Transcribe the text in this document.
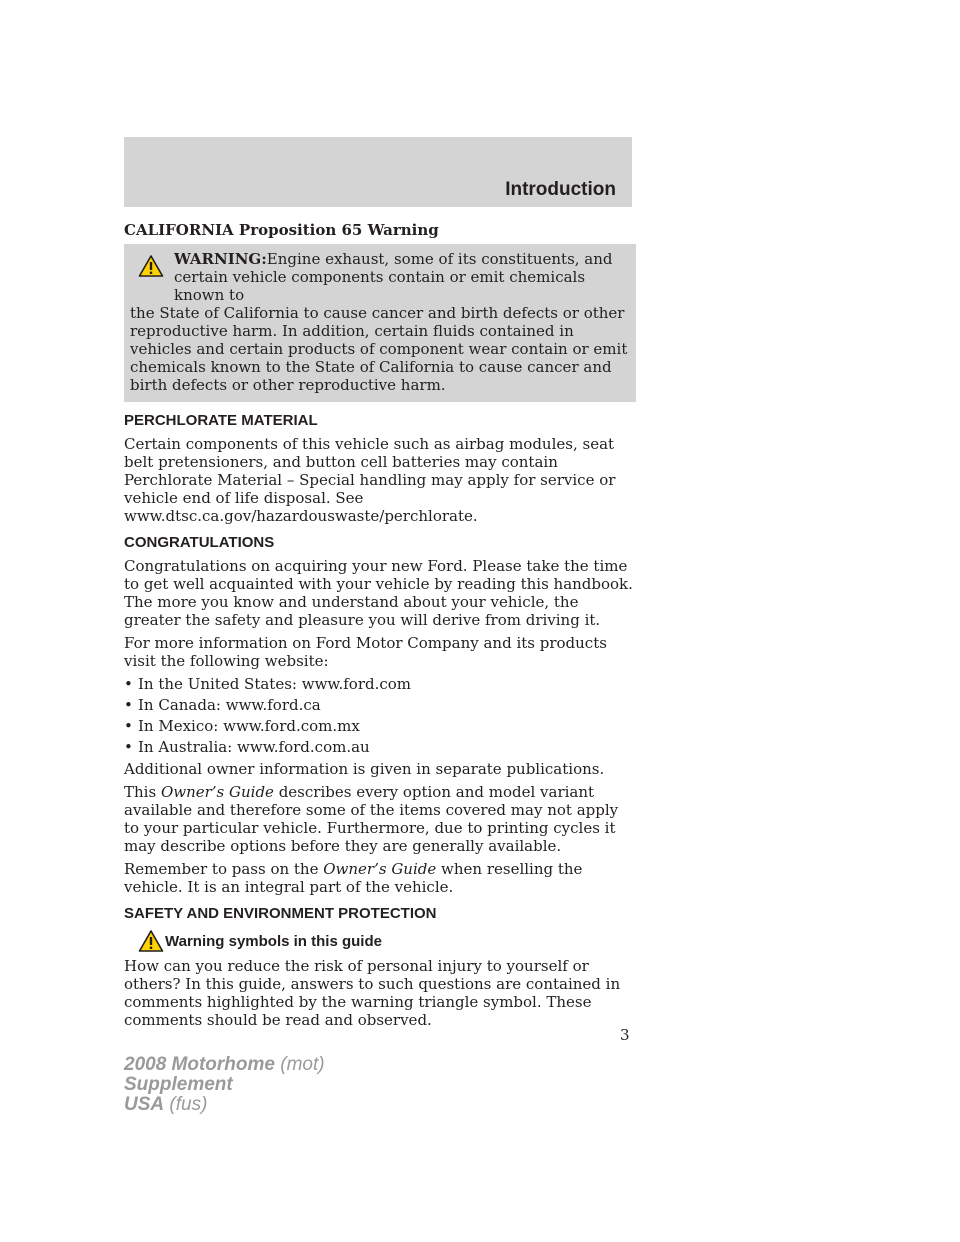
Introduction

CALIFORNIA Proposition 65 Warning

WARNING:Engine exhaust, some of its constituents, and
certain vehicle components contain or emit chemicals known to
the State of California to cause cancer and birth defects or other reproductive harm. In addition, certain fluids contained in vehicles and certain products of component wear contain or emit chemicals known to the State of California to cause cancer and birth defects or other reproductive harm.
PERCHLORATE MATERIAL

Certain components of this vehicle such as airbag modules, seat belt pretensioners, and button cell batteries may contain Perchlorate Material – Special handling may apply for service or vehicle end of life disposal. See www.dtsc.ca.gov/hazardouswaste/perchlorate.

CONGRATULATIONS

Congratulations on acquiring your new Ford. Please take the time to get well acquainted with your vehicle by reading this handbook. The more you know and understand about your vehicle, the greater the safety and pleasure you will derive from driving it.

For more information on Ford Motor Company and its products visit the following website:

• In the United States: www.ford.com
• In Canada: www.ford.ca
• In Mexico: www.ford.com.mx
• In Australia: www.ford.com.au

Additional owner information is given in separate publications.

This Owner’s Guide describes every option and model variant available and therefore some of the items covered may not apply to your particular vehicle. Furthermore, due to printing cycles it may describe options before they are generally available.

Remember to pass on the Owner’s Guide when reselling the vehicle. It is an integral part of the vehicle.

SAFETY AND ENVIRONMENT PROTECTION
Warning symbols in this guide

How can you reduce the risk of personal injury to yourself or others? In this guide, answers to such questions are contained in comments highlighted by the warning triangle symbol. These comments should be read and observed.

3
2008 Motorhome (mot)
Supplement
USA (fus)
